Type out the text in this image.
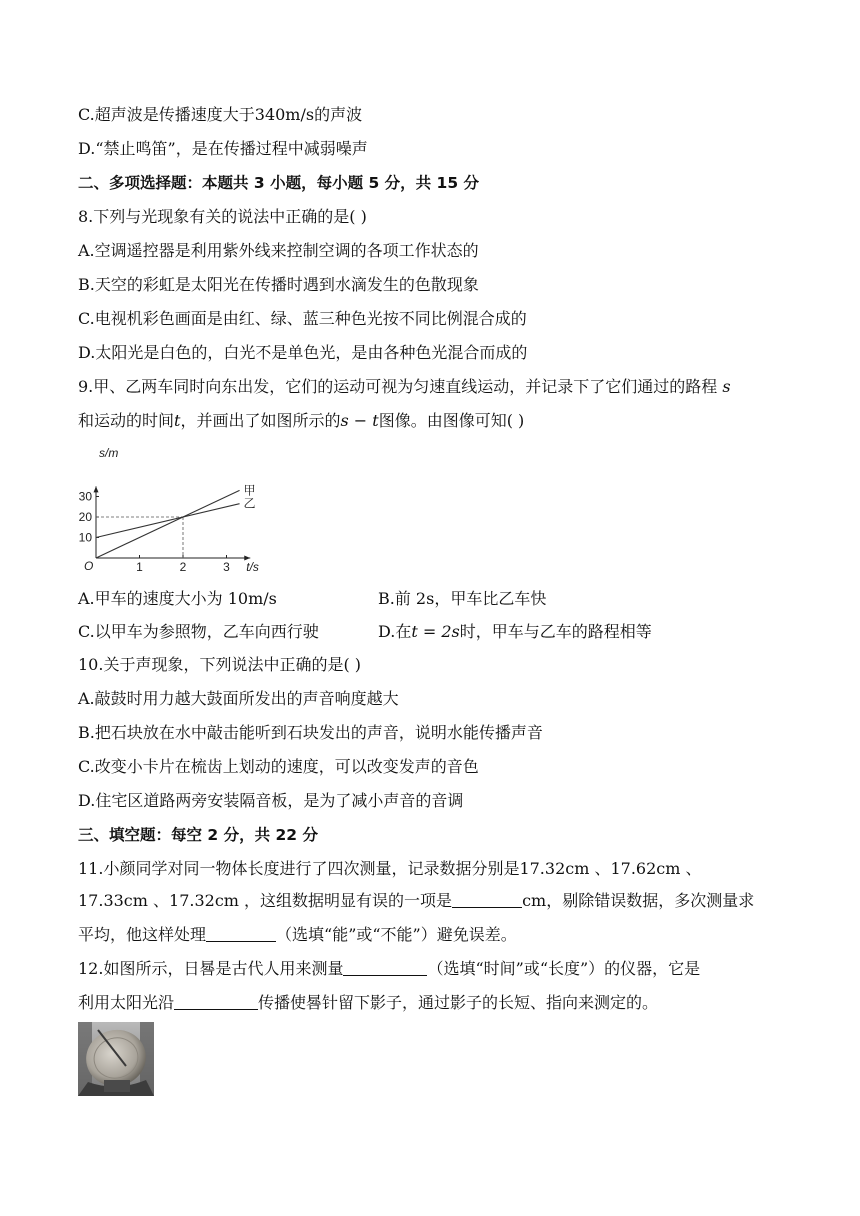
C.超声波是传播速度大于340m/s的声波
D.“禁止鸣笛”，是在传播过程中减弱噪声
二、多项选择题：本题共 3 小题，每小题 5 分，共 15 分
8.下列与光现象有关的说法中正确的是( )
A.空调遥控器是利用紫外线来控制空调的各项工作状态的
B.天空的彩虹是太阳光在传播时遇到水滴发生的色散现象
C.电视机彩色画面是由红、绿、蓝三种色光按不同比例混合成的
D.太阳光是白色的，白光不是单色光，是由各种色光混合而成的
9.甲、乙两车同时向东出发，它们的运动可视为匀速直线运动，并记录下了它们通过的路程 s
和运动的时间t，并画出了如图所示的s − t图像。由图像可知( )
1	2	3
10
20
30	甲
乙
t/s
s/m
O
A.甲车的速度大小为 10m/s	B.前 2s，甲车比乙车快
C.以甲车为参照物，乙车向西行驶	D.在t = 2s时，甲车与乙车的路程相等
10.关于声现象，下列说法中正确的是( )
A.敲鼓时用力越大鼓面所发出的声音响度越大
B.把石块放在水中敲击能听到石块发出的声音，说明水能传播声音
C.改变小卡片在梳齿上划动的速度，可以改变发声的音色
D.住宅区道路两旁安装隔音板，是为了减小声音的音调
三、填空题：每空 2 分，共 22 分
11.小颜同学对同一物体长度进行了四次测量，记录数据分别是17.32cm 、17.62cm 、
17.33cm 、17.32cm ，这组数据明显有误的一项是	cm，剔除错误数据，多次测量求
平均，他这样处理	（选填“能”或“不能”）避免误差。
12.如图所示，日晷是古代人用来测量	（选填“时间”或“长度”）的仪器，它是
利用太阳光沿	传播使晷针留下影子，通过影子的长短、指向来测定的。
